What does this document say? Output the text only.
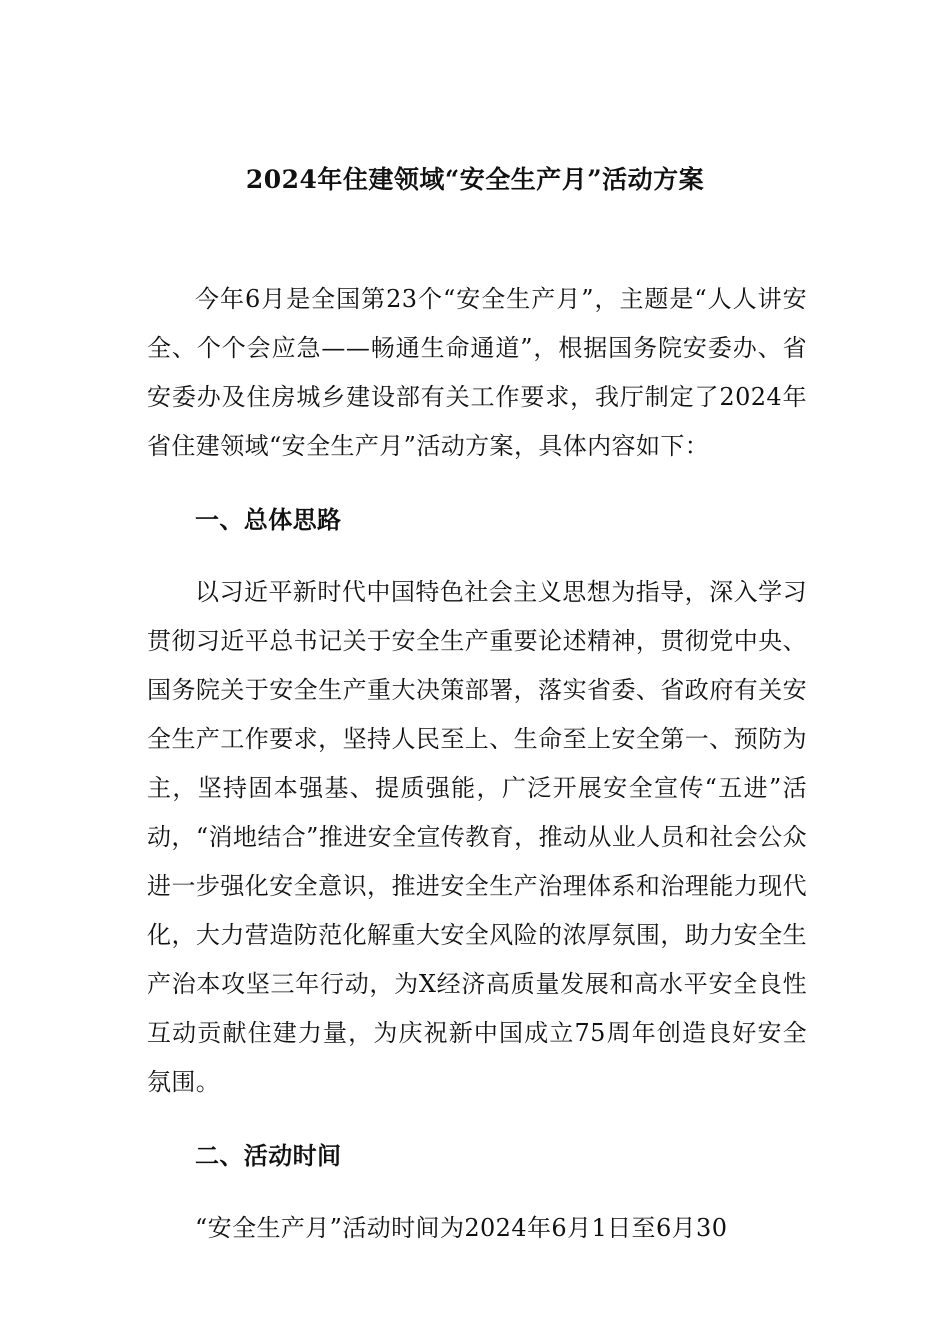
2024年住建领域“安全生产月”活动方案

今年6月是全国第23个“安全生产月”，主题是“人人讲安全、个个会应急——畅通生命通道”，根据国务院安委办、省安委办及住房城乡建设部有关工作要求，我厅制定了2024年省住建领域“安全生产月”活动方案，具体内容如下：

一、总体思路

以习近平新时代中国特色社会主义思想为指导，深入学习贯彻习近平总书记关于安全生产重要论述精神，贯彻党中央、国务院关于安全生产重大决策部署，落实省委、省政府有关安全生产工作要求，坚持人民至上、生命至上安全第一、预防为主，坚持固本强基、提质强能，广泛开展安全宣传“五进”活动，“消地结合”推进安全宣传教育，推动从业人员和社会公众进一步强化安全意识，推进安全生产治理体系和治理能力现代化，大力营造防范化解重大安全风险的浓厚氛围，助力安全生产治本攻坚三年行动，为X经济高质量发展和高水平安全良性互动贡献住建力量，为庆祝新中国成立75周年创造良好安全氛围。

二、活动时间

“安全生产月”活动时间为2024年6月1日至6月30
